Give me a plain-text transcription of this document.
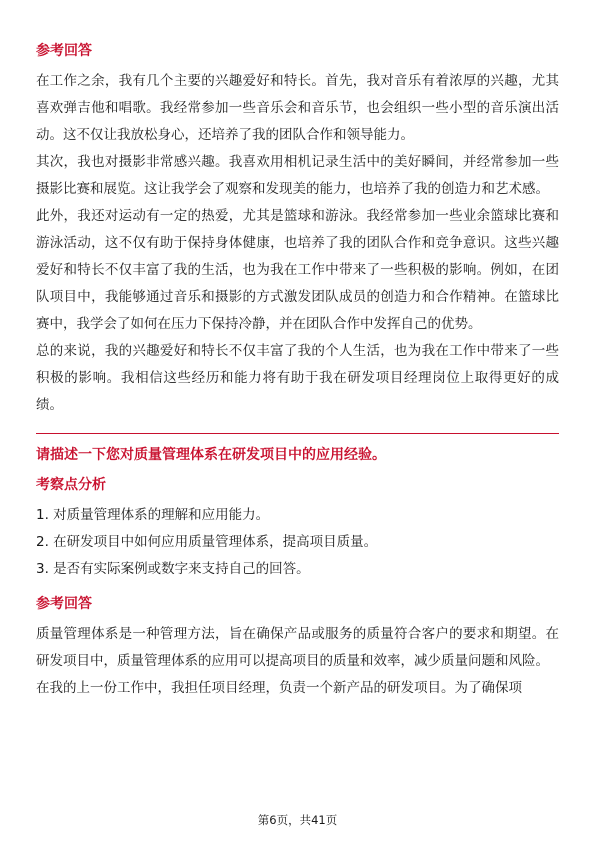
参考回答

在工作之余，我有几个主要的兴趣爱好和特长。首先，我对音乐有着浓厚的兴趣，尤其喜欢弹吉他和唱歌。我经常参加一些音乐会和音乐节，也会组织一些小型的音乐演出活动。这不仅让我放松身心，还培养了我的团队合作和领导能力。

其次，我也对摄影非常感兴趣。我喜欢用相机记录生活中的美好瞬间，并经常参加一些摄影比赛和展览。这让我学会了观察和发现美的能力，也培养了我的创造力和艺术感。

此外，我还对运动有一定的热爱，尤其是篮球和游泳。我经常参加一些业余篮球比赛和游泳活动，这不仅有助于保持身体健康，也培养了我的团队合作和竞争意识。这些兴趣爱好和特长不仅丰富了我的生活，也为我在工作中带来了一些积极的影响。例如，在团队项目中，我能够通过音乐和摄影的方式激发团队成员的创造力和合作精神。在篮球比赛中，我学会了如何在压力下保持冷静，并在团队合作中发挥自己的优势。

总的来说，我的兴趣爱好和特长不仅丰富了我的个人生活，也为我在工作中带来了一些积极的影响。我相信这些经历和能力将有助于我在研发项目经理岗位上取得更好的成绩。

请描述一下您对质量管理体系在研发项目中的应用经验。
考察点分析

1. 对质量管理体系的理解和应用能力。

2. 在研发项目中如何应用质量管理体系，提高项目质量。

3. 是否有实际案例或数字来支持自己的回答。

参考回答

质量管理体系是一种管理方法，旨在确保产品或服务的质量符合客户的要求和期望。在研发项目中，质量管理体系的应用可以提高项目的质量和效率，减少质量问题和风险。

在我的上一份工作中，我担任项目经理，负责一个新产品的研发项目。为了确保项

第6页，共41页
